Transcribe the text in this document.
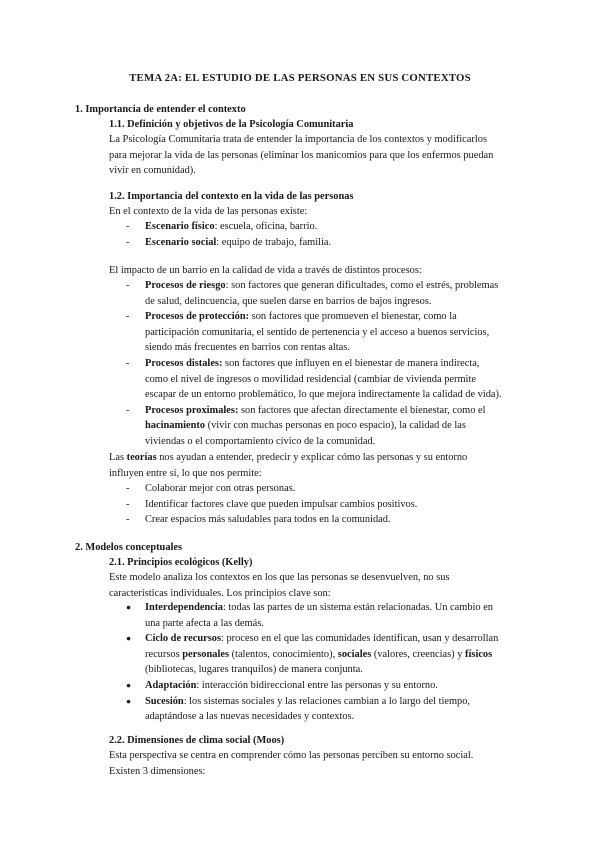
TEMA 2A: EL ESTUDIO DE LAS PERSONAS EN SUS CONTEXTOS
1. Importancia de entender el contexto
1.1. Definición y objetivos de la Psicología Comunitaria
La Psicología Comunitaria trata de entender la importancia de los contextos y modificarlos
para mejorar la vida de las personas (eliminar los manicomios para que los enfermos puedan
vivir en comunidad).
1.2. Importancia del contexto en la vida de las personas
En el contexto de la vida de las personas existe:
- Escenario físico: escuela, oficina, barrio.
- Escenario social: equipo de trabajo, familia.
El impacto de un barrio en la calidad de vida a través de distintos procesos:
- Procesos de riesgo: son factores que generan dificultades, como el estrés, problemas
de salud, delincuencia, que suelen darse en barrios de bajos ingresos.
- Procesos de protección: son factores que promueven el bienestar, como la
participación comunitaria, el sentido de pertenencia y el acceso a buenos servicios,
siendo más frecuentes en barrios con rentas altas.
- Procesos distales: son factores que influyen en el bienestar de manera indirecta,
como el nivel de ingresos o movilidad residencial (cambiar de vivienda permite
escapar de un entorno problemático, lo que mejora indirectamente la calidad de vida).
- Procesos proximales: son factores que afectan directamente el bienestar, como el
hacinamiento (vivir con muchas personas en poco espacio), la calidad de las
viviendas o el comportamiento cívico de la comunidad.
Las teorías nos ayudan a entender, predecir y explicar cómo las personas y su entorno
influyen entre sí, lo que nos permite:
- Colaborar mejor con otras personas.
- Identificar factores clave que pueden impulsar cambios positivos.
- Crear espacios más saludables para todos en la comunidad.
2. Modelos conceptuales
2.1. Principios ecológicos (Kelly)
Este modelo analiza los contextos en los que las personas se desenvuelven, no sus
características individuales. Los principios clave son:
● Interdependencia: todas las partes de un sistema están relacionadas. Un cambio en
una parte afecta a las demás.
● Ciclo de recursos: proceso en el que las comunidades identifican, usan y desarrollan
recursos personales (talentos, conocimiento), sociales (valores, creencias) y físicos
(bibliotecas, lugares tranquilos) de manera conjunta.
● Adaptación: interacción bidireccional entre las personas y su entorno.
● Sucesión: los sistemas sociales y las relaciones cambian a lo largo del tiempo,
adaptándose a las nuevas necesidades y contextos.
2.2. Dimensiones de clima social (Moos)
Esta perspectiva se centra en comprender cómo las personas perciben su entorno social.
Existen 3 dimensiones:
